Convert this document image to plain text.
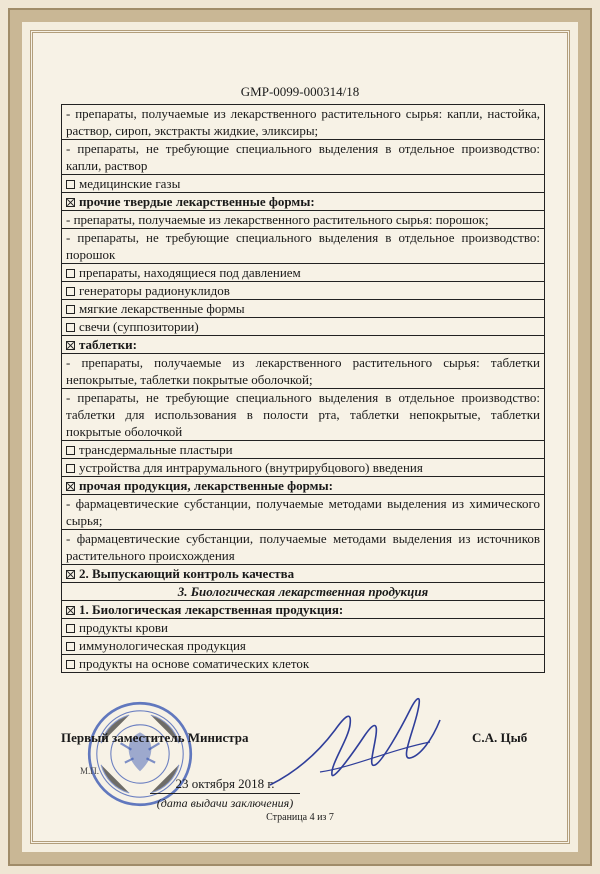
GMP-0099-000314/18
- препараты, получаемые из лекарственного растительного сырья: капли, настойка, раствор, сироп, экстракты жидкие, эликсиры;
- препараты, не требующие специального выделения в отдельное производство: капли, раствор
медицинские газы
прочие твердые лекарственные формы:
- препараты, получаемые из лекарственного растительного сырья: порошок;
- препараты, не требующие специального выделения в отдельное производство: порошок
препараты, находящиеся под давлением
генераторы радионуклидов
мягкие лекарственные формы
свечи (суппозитории)
таблетки:
- препараты, получаемые из лекарственного растительного сырья: таблетки непокрытые, таблетки покрытые оболочкой;
- препараты, не требующие специального выделения в отдельное производство: таблетки для использования в полости рта, таблетки непокрытые, таблетки покрытые оболочкой
трансдермальные пластыри
устройства для интрарумального (внутрирубцового) введения
прочая продукция, лекарственные формы:
- фармацевтические субстанции, получаемые методами выделения из химического сырья;
- фармацевтические субстанции, получаемые методами выделения из источников растительного происхождения
2. Выпускающий контроль качества
3. Биологическая лекарственная продукция
1. Биологическая лекарственная продукция:
продукты крови
иммунологическая продукция
продукты на основе соматических клеток
Первый заместитель Министра	С.А. Цыб
М.П.
23 октября 2018 г.
(дата выдачи заключения)
Страница 4 из 7
